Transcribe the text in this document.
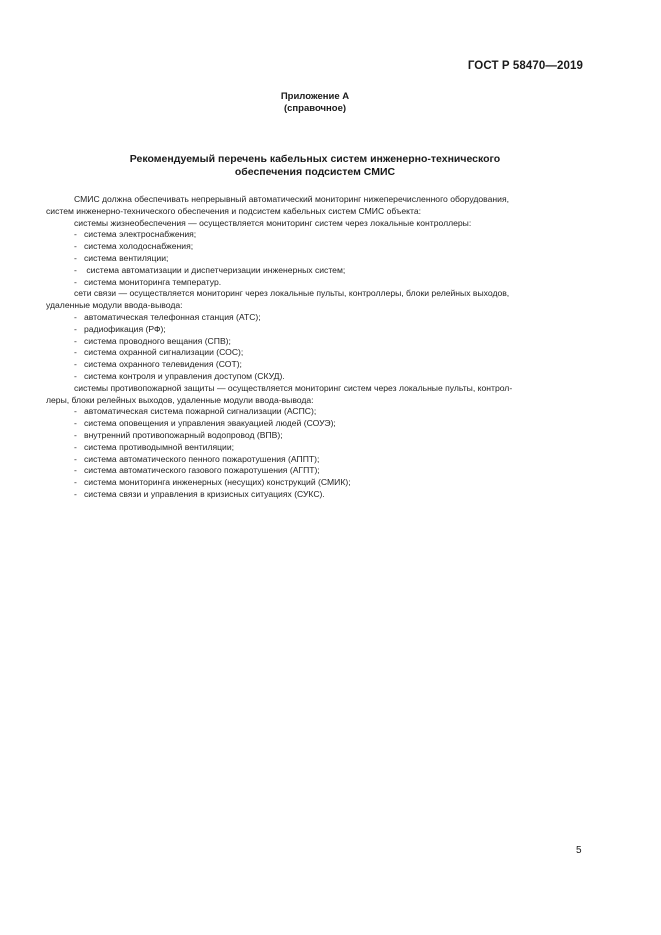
ГОСТ Р 58470—2019
Приложение А
(справочное)
Рекомендуемый перечень кабельных систем инженерно-технического
обеспечения подсистем СМИС

СМИС должна обеспечивать непрерывный автоматический мониторинг нижеперечисленного оборудования,

систем инженерно-технического обеспечения и подсистем кабельных систем СМИС объекта:

системы жизнеобеспечения — осуществляется мониторинг систем через локальные контроллеры:

- система электроснабжения;
- система холодоснабжения;
- система вентиляции;
- система автоматизации и диспетчеризации инженерных систем;
- система мониторинга температур.

сети связи — осуществляется мониторинг через локальные пульты, контроллеры, блоки релейных выходов,

удаленные модули ввода-вывода:
- автоматическая телефонная станция (АТС);
- радиофикация (РФ);
- система проводного вещания (СПВ);
- система охранной сигнализации (СОС);
- система охранного телевидения (СОТ);
- система контроля и управления доступом (СКУД).

системы противопожарной защиты — осуществляется мониторинг систем через локальные пульты, контрол-

леры, блоки релейных выходов, удаленные модули ввода-вывода:
- автоматическая система пожарной сигнализации (АСПС);
- система оповещения и управления эвакуацией людей (СОУЭ);
- внутренний противопожарный водопровод (ВПВ);
- система противодымной вентиляции;
- система автоматического пенного пожаротушения (АППТ);
- система автоматического газового пожаротушения (АГПТ);
- система мониторинга инженерных (несущих) конструкций (СМИК);
- система связи и управления в кризисных ситуациях (СУКС).
5
